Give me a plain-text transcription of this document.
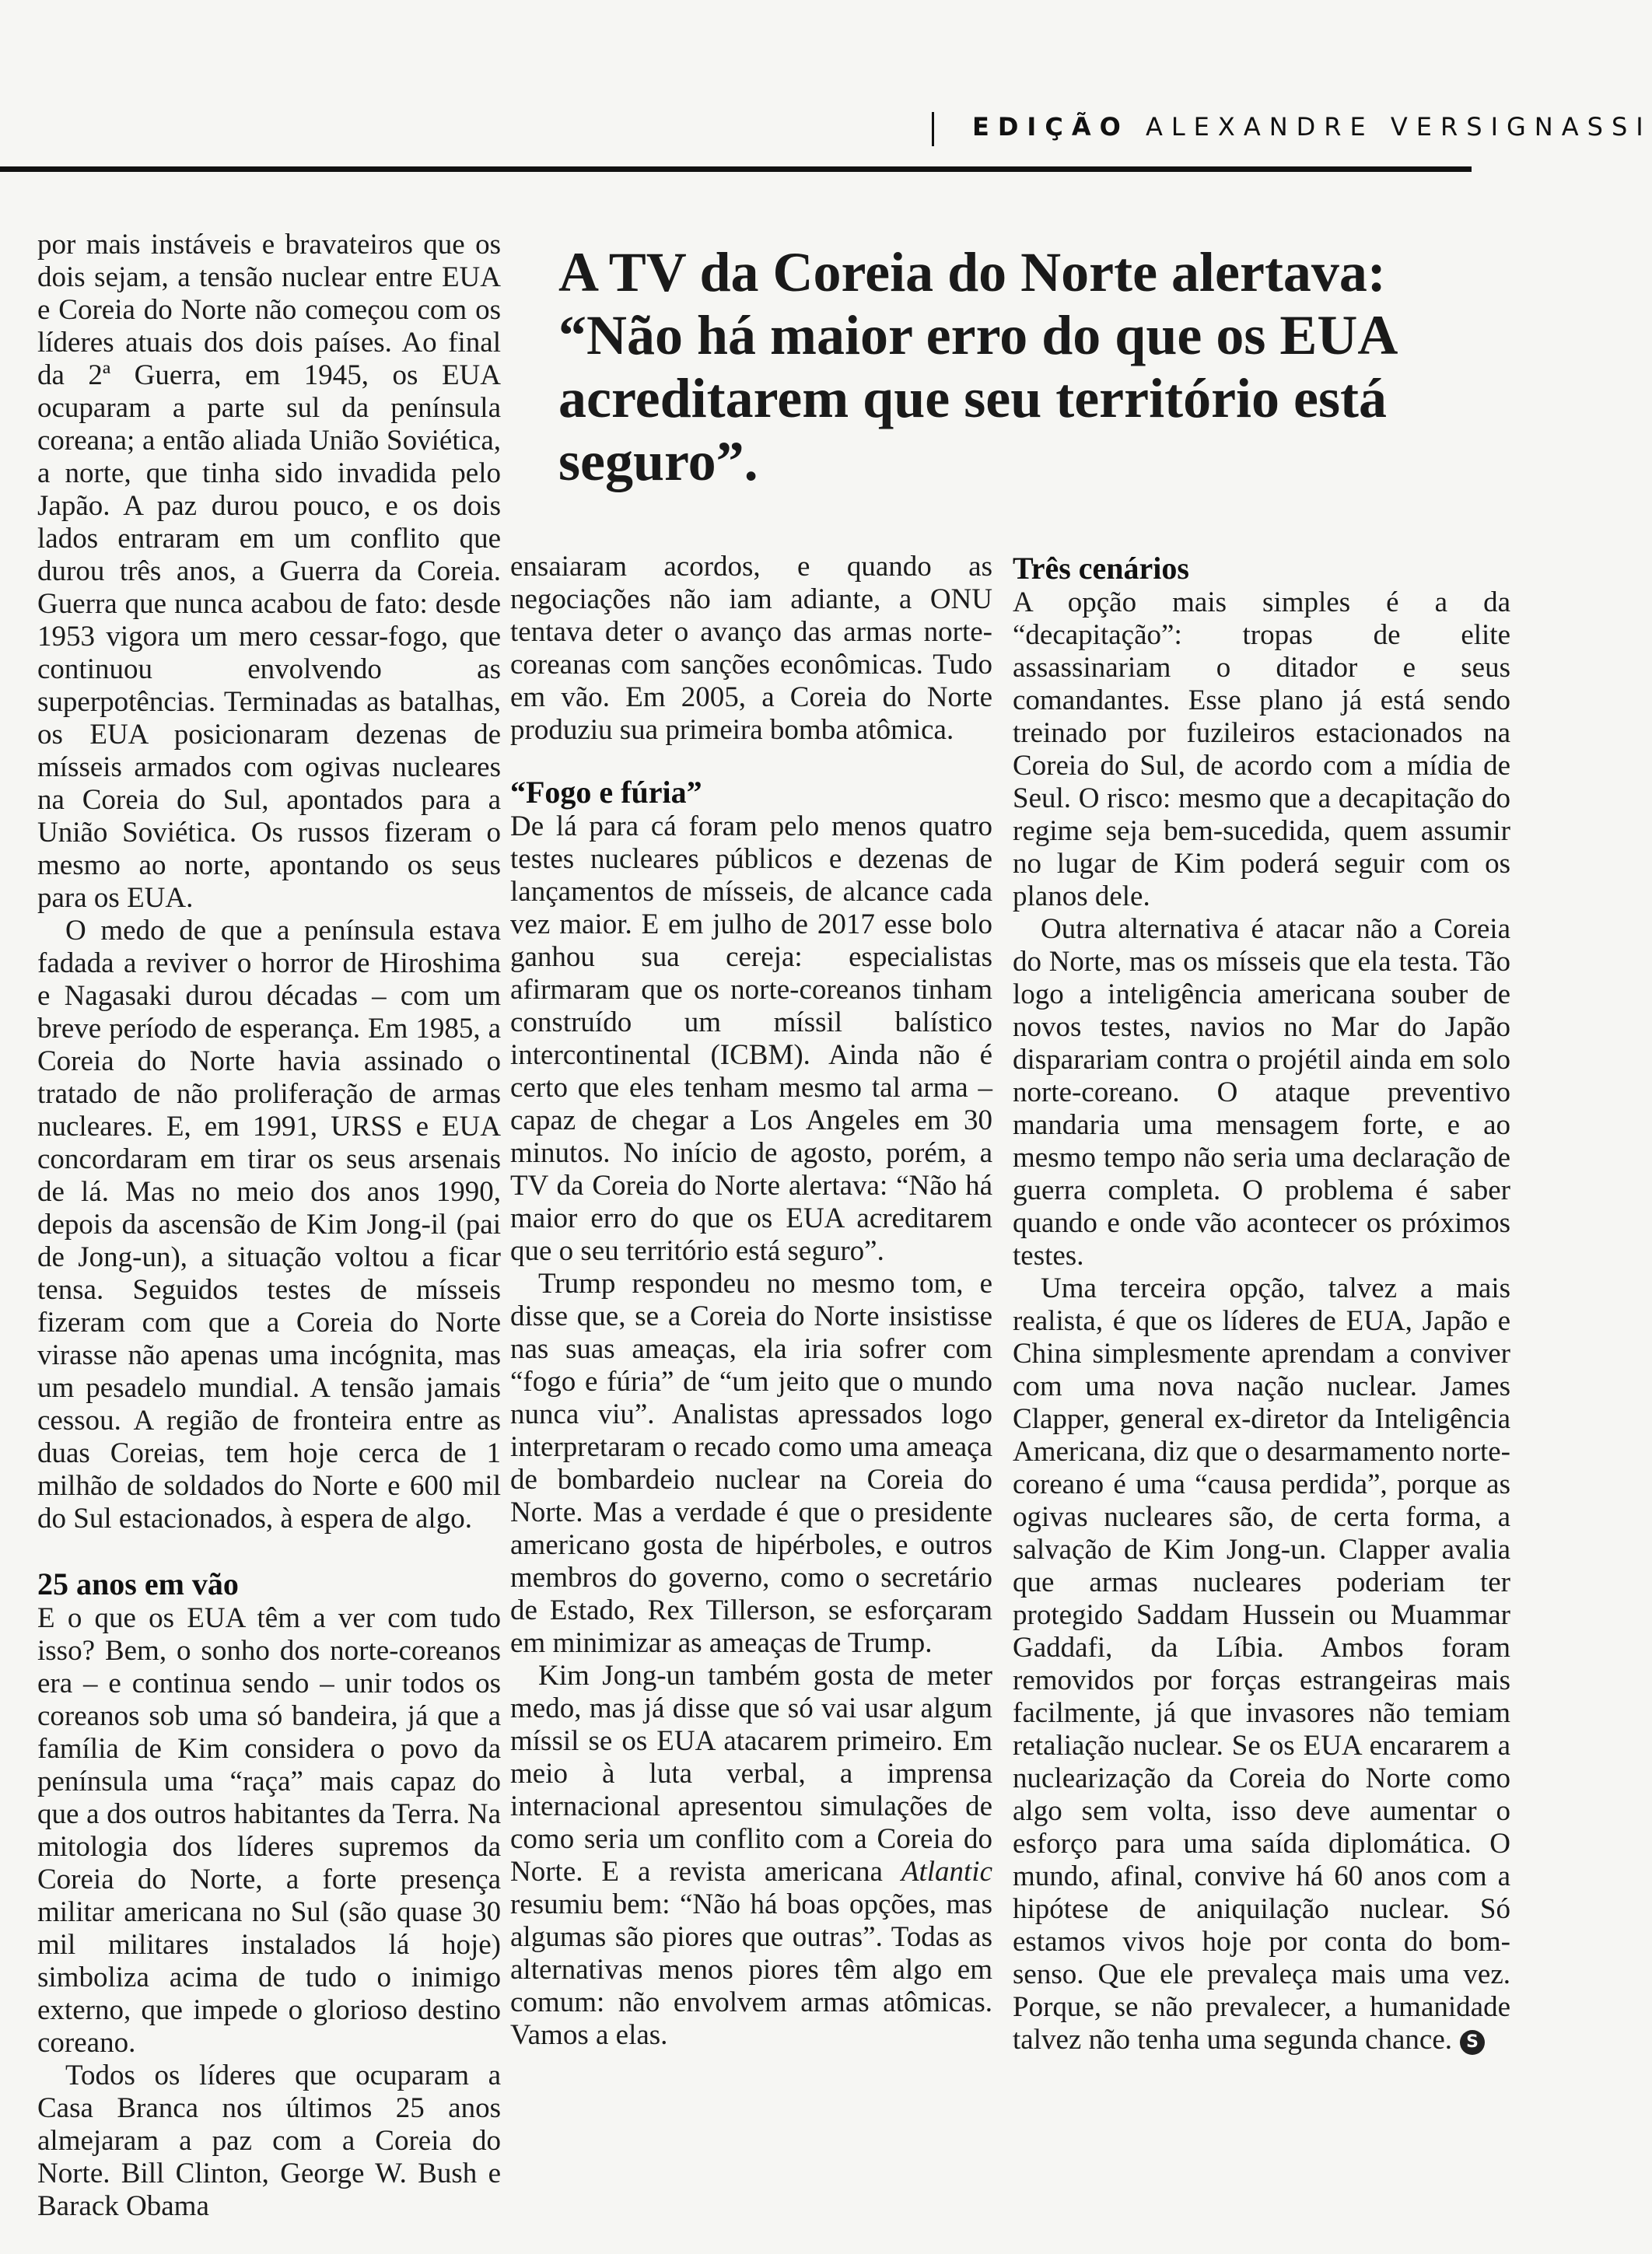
EDIÇÃO ALEXANDRE VERSIGNASSI
A TV da Coreia do Norte alertava: “Não há maior erro do que os EUA acreditarem que seu território está seguro”.

por mais instáveis e bravateiros que os dois sejam, a tensão nuclear entre EUA e Coreia do Norte não começou com os líderes atuais dos dois países. Ao final da 2ª Guerra, em 1945, os EUA ocuparam a parte sul da península coreana; a então aliada União Soviética, a norte, que tinha sido invadida pelo Japão. A paz durou pouco, e os dois lados entraram em um conflito que durou três anos, a Guerra da Coreia. Guerra que nunca acabou de fato: desde 1953 vigora um mero cessar-fogo, que continuou envolvendo as superpotências. Terminadas as batalhas, os EUA posicionaram dezenas de mísseis armados com ogivas nucleares na Coreia do Sul, apontados para a União Soviética. Os russos fizeram o mesmo ao norte, apontando os seus para os EUA.

O medo de que a península estava fadada a reviver o horror de Hiroshima e Nagasaki durou décadas – com um breve período de esperança. Em 1985, a Coreia do Norte havia assinado o tratado de não proliferação de armas nucleares. E, em 1991, URSS e EUA concordaram em tirar os seus arsenais de lá. Mas no meio dos anos 1990, depois da ascensão de Kim Jong-il (pai de Jong-un), a situação voltou a ficar tensa. Seguidos testes de mísseis fizeram com que a Coreia do Norte virasse não apenas uma incógnita, mas um pesadelo mundial. A tensão jamais cessou. A região de fronteira entre as duas Coreias, tem hoje cerca de 1 milhão de soldados do Norte e 600 mil do Sul estacionados, à espera de algo.

25 anos em vão

E o que os EUA têm a ver com tudo isso? Bem, o sonho dos norte-coreanos era – e continua sendo – unir todos os coreanos sob uma só bandeira, já que a família de Kim considera o povo da península uma “raça” mais capaz do que a dos outros habitantes da Terra. Na mitologia dos líderes supremos da Coreia do Norte, a forte presença militar americana no Sul (são quase 30 mil militares instalados lá hoje) simboliza acima de tudo o inimigo externo, que impede o glorioso destino coreano.

Todos os líderes que ocuparam a Casa Branca nos últimos 25 anos almejaram a paz com a Coreia do Norte. Bill Clinton, George W. Bush e Barack Obama

ensaiaram acordos, e quando as negociações não iam adiante, a ONU tentava deter o avanço das armas norte-coreanas com sanções econômicas. Tudo em vão. Em 2005, a Coreia do Norte produziu sua primeira bomba atômica.

“Fogo e fúria”

De lá para cá foram pelo menos quatro testes nucleares públicos e dezenas de lançamentos de mísseis, de alcance cada vez maior. E em julho de 2017 esse bolo ganhou sua cereja: especialistas afirmaram que os norte-coreanos tinham construído um míssil balístico intercontinental (ICBM). Ainda não é certo que eles tenham mesmo tal arma – capaz de chegar a Los Angeles em 30 minutos. No início de agosto, porém, a TV da Coreia do Norte alertava: “Não há maior erro do que os EUA acreditarem que o seu território está seguro”.

Trump respondeu no mesmo tom, e disse que, se a Coreia do Norte insistisse nas suas ameaças, ela iria sofrer com “fogo e fúria” de “um jeito que o mundo nunca viu”. Analistas apressados logo interpretaram o recado como uma ameaça de bombardeio nuclear na Coreia do Norte. Mas a verdade é que o presidente americano gosta de hipérboles, e outros membros do governo, como o secretário de Estado, Rex Tillerson, se esforçaram em minimizar as ameaças de Trump.

Kim Jong-un também gosta de meter medo, mas já disse que só vai usar algum míssil se os EUA atacarem primeiro. Em meio à luta verbal, a imprensa internacional apresentou simulações de como seria um conflito com a Coreia do Norte. E a revista americana Atlantic resumiu bem: “Não há boas opções, mas algumas são piores que outras”. Todas as alternativas menos piores têm algo em comum: não envolvem armas atômicas. Vamos a elas.

Três cenários

A opção mais simples é a da “decapitação”: tropas de elite assassinariam o ditador e seus comandantes. Esse plano já está sendo treinado por fuzileiros estacionados na Coreia do Sul, de acordo com a mídia de Seul. O risco: mesmo que a decapitação do regime seja bem-sucedida, quem assumir no lugar de Kim poderá seguir com os planos dele.

Outra alternativa é atacar não a Coreia do Norte, mas os mísseis que ela testa. Tão logo a inteligência americana souber de novos testes, navios no Mar do Japão disparariam contra o projétil ainda em solo norte-coreano. O ataque preventivo mandaria uma mensagem forte, e ao mesmo tempo não seria uma declaração de guerra completa. O problema é saber quando e onde vão acontecer os próximos testes.

Uma terceira opção, talvez a mais realista, é que os líderes de EUA, Japão e China simplesmente aprendam a conviver com uma nova nação nuclear. James Clapper, general ex-diretor da Inteligência Americana, diz que o desarmamento norte-coreano é uma “causa perdida”, porque as ogivas nucleares são, de certa forma, a salvação de Kim Jong-un. Clapper avalia que armas nucleares poderiam ter protegido Saddam Hussein ou Muammar Gaddafi, da Líbia. Ambos foram removidos por forças estrangeiras mais facilmente, já que invasores não temiam retaliação nuclear. Se os EUA encararem a nuclearização da Coreia do Norte como algo sem volta, isso deve aumentar o esforço para uma saída diplomática. O mundo, afinal, convive há 60 anos com a hipótese de aniquilação nuclear. Só estamos vivos hoje por conta do bom-senso. Que ele prevaleça mais uma vez. Porque, se não prevalecer, a humanidade talvez não tenha uma segunda chance. S
